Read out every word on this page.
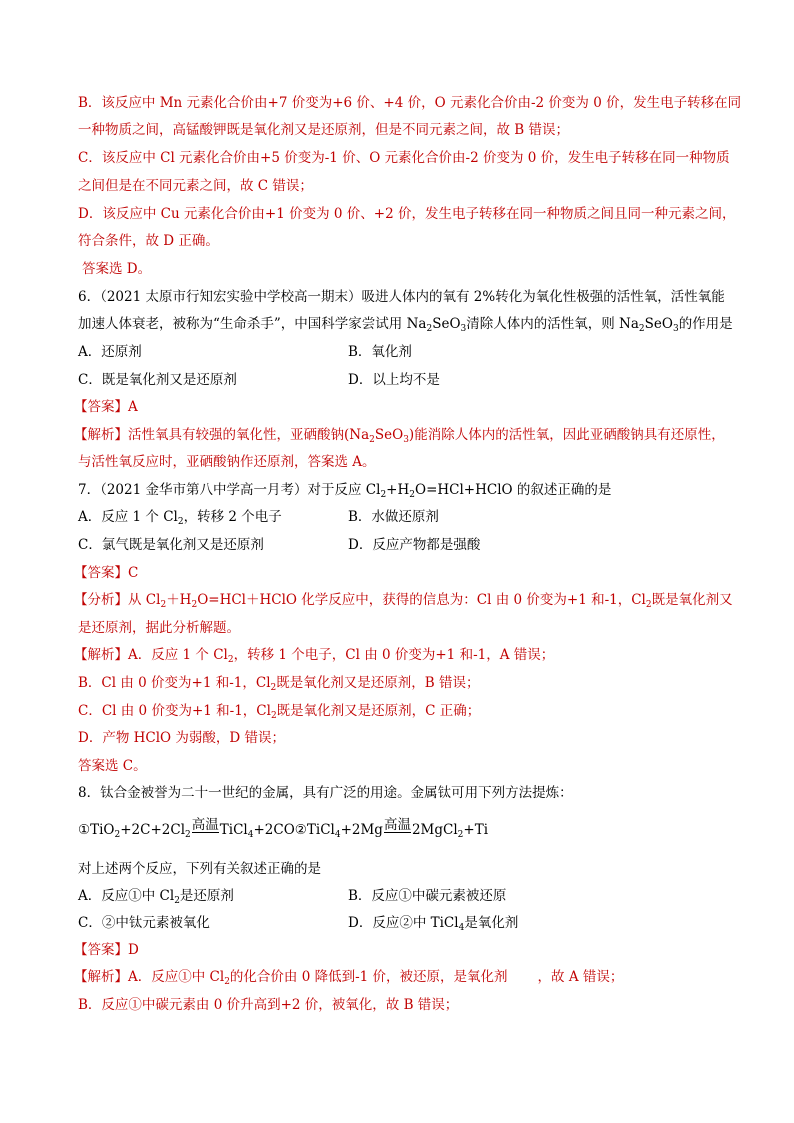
B．该反应中 Mn 元素化合价由+7 价变为+6 价、+4 价，O 元素化合价由-2 价变为 0 价，发生电子转移在同
一种物质之间，高锰酸钾既是氧化剂又是还原剂，但是不同元素之间，故 B 错误；
C．该反应中 Cl 元素化合价由+5 价变为-1 价、O 元素化合价由-2 价变为 0 价，发生电子转移在同一种物质
之间但是在不同元素之间，故 C 错误；
D．该反应中 Cu 元素化合价由+1 价变为 0 价、+2 价，发生电子转移在同一种物质之间且同一种元素之间，
符合条件，故 D 正确。
答案选 D。
6．（2021 太原市行知宏实验中学校高一期末）吸进人体内的氧有 2%转化为氧化性极强的活性氧，活性氧能
加速人体衰老，被称为“生命杀手”，中国科学家尝试用 $Na_2SeO_3$清除人体内的活性氧，则 $Na_2SeO_3$的作用是
A．还原剂	B．氧化剂
C．既是氧化剂又是还原剂	D．以上均不是
【答案】A
【解析】活性氧具有较强的氧化性，亚硒酸钠$(Na_2SeO_3)$能消除人体内的活性氧，因此亚硒酸钠具有还原性，
与活性氧反应时，亚硒酸钠作还原剂，答案选 A。
7．（2021 金华市第八中学高一月考）对于反应 $Cl_2+H_2O=HCl+HClO$ 的叙述正确的是
A．反应 1 个 $Cl_2$，转移 2 个电子	B．水做还原剂
C．氯气既是氧化剂又是还原剂	D．反应产物都是强酸
【答案】C
【分析】从 $Cl_2+H_2O=HCl+HClO$ 化学反应中，获得的信息为：Cl 由 0 价变为+1 和-1，$Cl_2$既是氧化剂又
是还原剂，据此分析解题。
【解析】A．反应 1 个 $Cl_2$，转移 1 个电子，Cl 由 0 价变为+1 和-1，A 错误；
B．Cl 由 0 价变为+1 和-1，$Cl_2$既是氧化剂又是还原剂，B 错误；
C．Cl 由 0 价变为+1 和-1，$Cl_2$既是氧化剂又是还原剂，C 正确；
D．产物 HClO 为弱酸，D 错误；
答案选 C。
8．钛合金被誉为二十一世纪的金属，具有广泛的用途。金属钛可用下列方法提炼：
$①TiO_2+2C+2Cl_2$
高温
TiCl$_4$+2CO②TiCl$_4$+2Mg 高温
2MgCl$_2$+Ti
对上述两个反应，下列有关叙述正确的是
A．反应①中 $Cl_2$是还原剂	B．反应①中碳元素被还原
C．②中钛元素被氧化	D．反应②中 TiCl$_4$是氧化剂
【答案】D
【解析】A．反应①中 $Cl_2$的化合价由 0 降低到-1 价，被还原，是氧化剂 ，故 A 错误；
B．反应①中碳元素由 0 价升高到+2 价，被氧化，故 B 错误；
